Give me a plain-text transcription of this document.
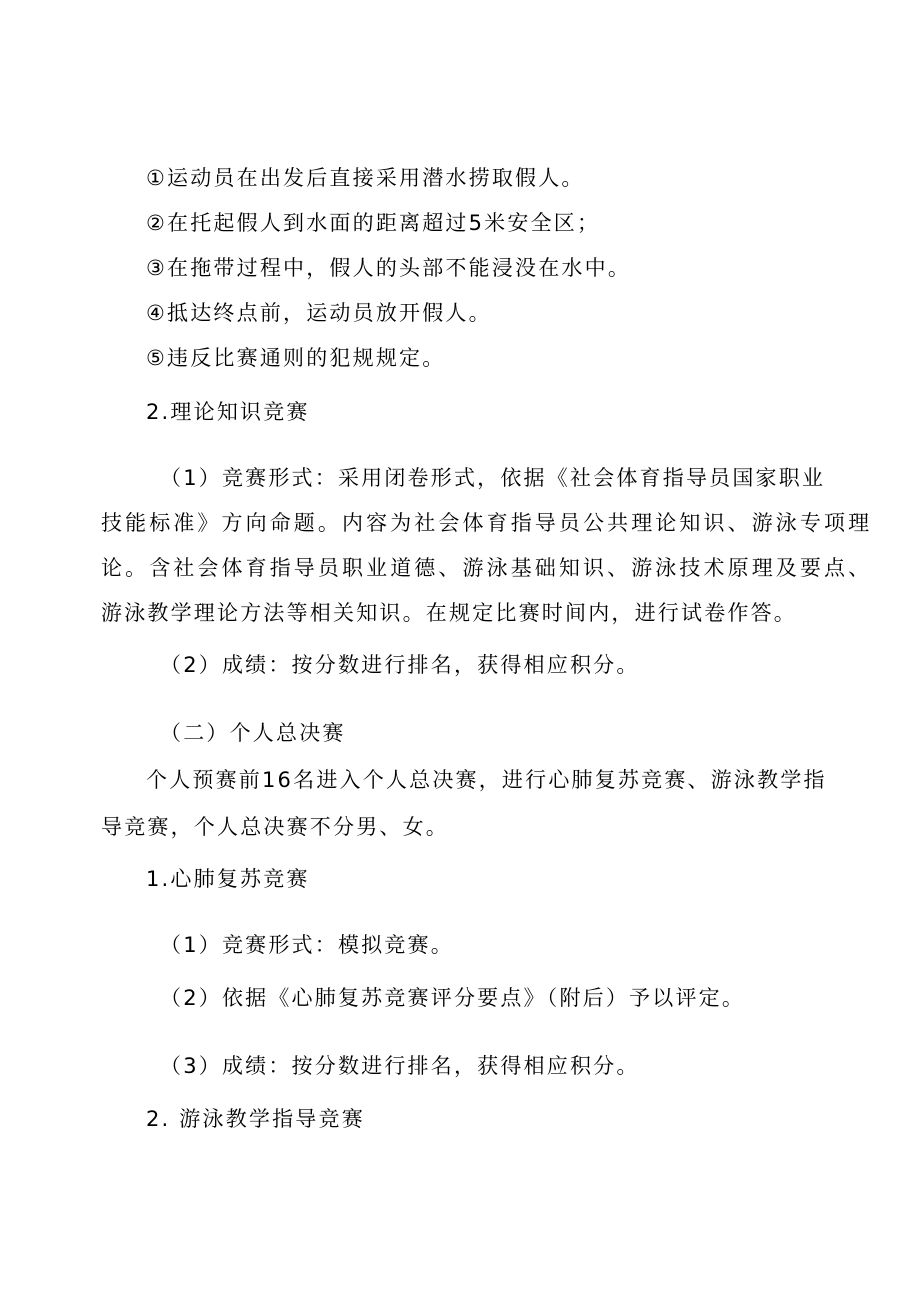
①运动员在出发后直接采用潜水捞取假人。
②在托起假人到水面的距离超过5米安全区；
③在拖带过程中，假人的头部不能浸没在水中。
④抵达终点前，运动员放开假人。
⑤违反比赛通则的犯规规定。
2.理论知识竞赛
（1）竞赛形式：采用闭卷形式，依据《社会体育指导员国家职业
技能标准》方向命题。内容为社会体育指导员公共理论知识、游泳专项理
论。含社会体育指导员职业道德、游泳基础知识、游泳技术原理及要点、
游泳教学理论方法等相关知识。在规定比赛时间内，进行试卷作答。
（2）成绩：按分数进行排名，获得相应积分。
（二）个人总决赛
个人预赛前16名进入个人总决赛，进行心肺复苏竞赛、游泳教学指
导竞赛，个人总决赛不分男、女。
1.心肺复苏竞赛
（1）竞赛形式：模拟竞赛。
（2）依据《心肺复苏竞赛评分要点》（附后）予以评定。
（3）成绩：按分数进行排名，获得相应积分。
2. 游泳教学指导竞赛
